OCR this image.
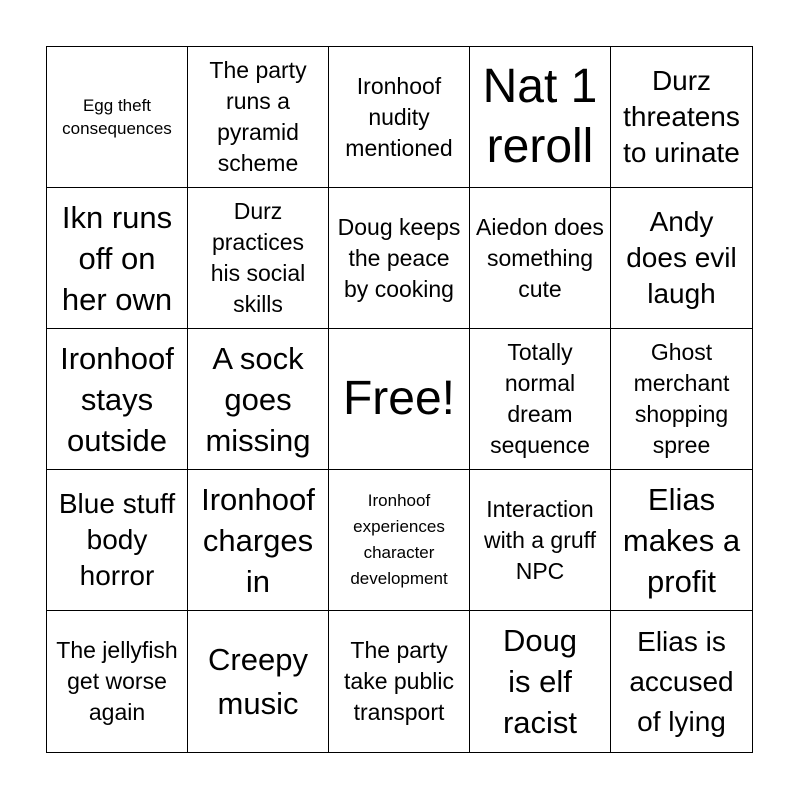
Egg theft consequences
The party runs a pyramid scheme
Ironhoof nudity mentioned
Nat 1 reroll
Durz threatens to urinate
Ikn runs off on her own
Durz practices his social skills
Doug keeps the peace by cooking
Aiedon does something cute
Andy does evil laugh
Ironhoof stays outside
A sock goes missing
Free!
Totally normal dream sequence
Ghost merchant shopping spree
Blue stuff body horror
Ironhoof charges in
Ironhoof experiences character development
Interaction with a gruff NPC
Elias makes a profit
The jellyfish get worse again
Creepy music
The party take public transport
Doug is elf racist
Elias is accused of lying
